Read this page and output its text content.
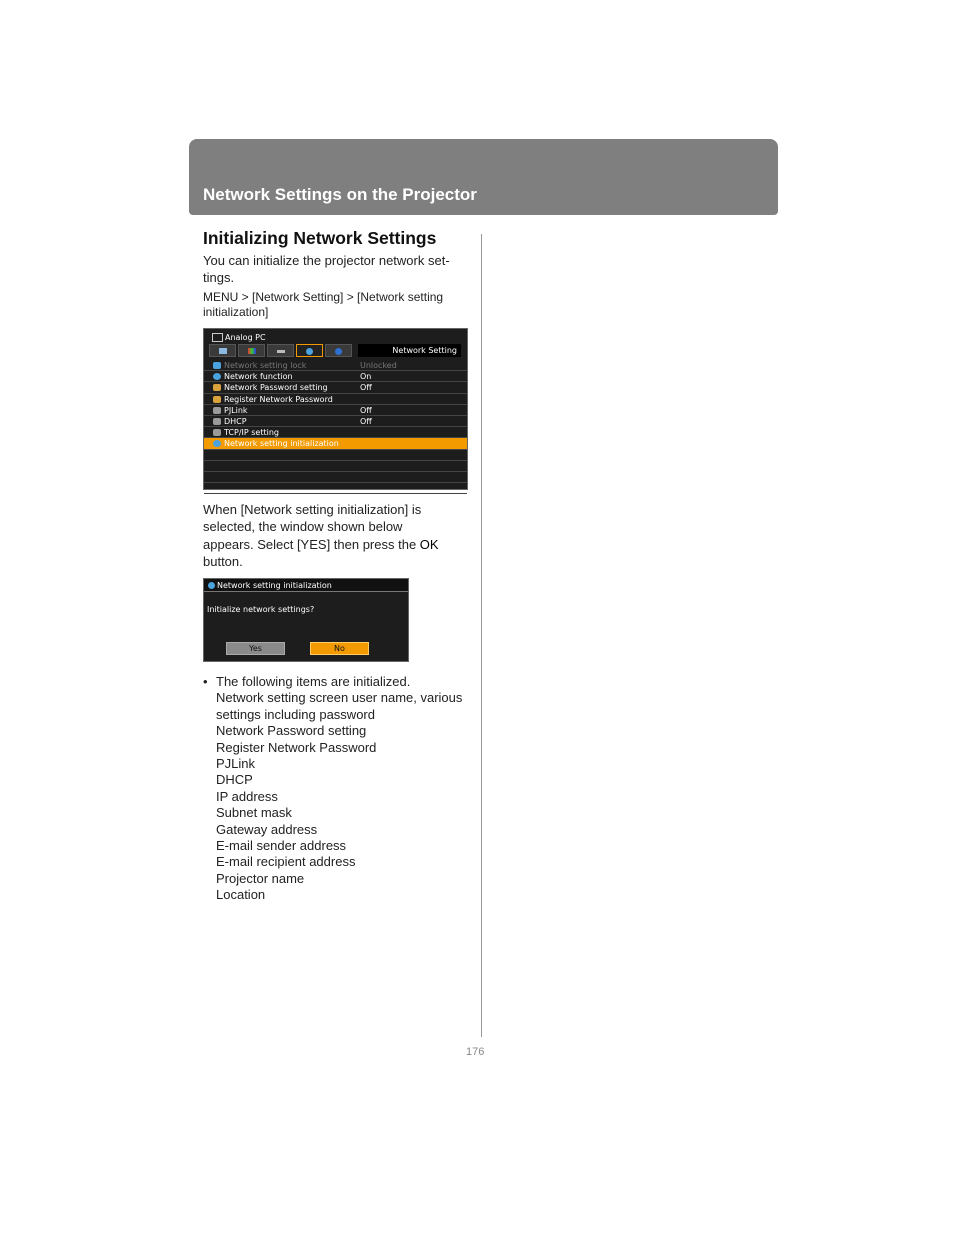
Network Settings on the Projector
Initializing Network Settings
You can initialize the projector network set-
tings.
MENU > [Network Setting] > [Network setting
initialization]
Analog PC
Network Setting
Network setting lock	Unlocked
Network function	On
Network Password setting	Off
Register Network Password
PJLink	Off
DHCP	Off
TCP/IP setting
Network setting initialization
When [Network setting initialization] is
selected, the window shown below
appears. Select [YES] then press the OK
button.
Network setting initialization
Initialize network settings?
Yes	No
• The following items are initialized.
Network setting screen user name, various
settings including password
Network Password setting
Register Network Password
PJLink
DHCP
IP address
Subnet mask
Gateway address
E-mail sender address
E-mail recipient address
Projector name
Location
176
